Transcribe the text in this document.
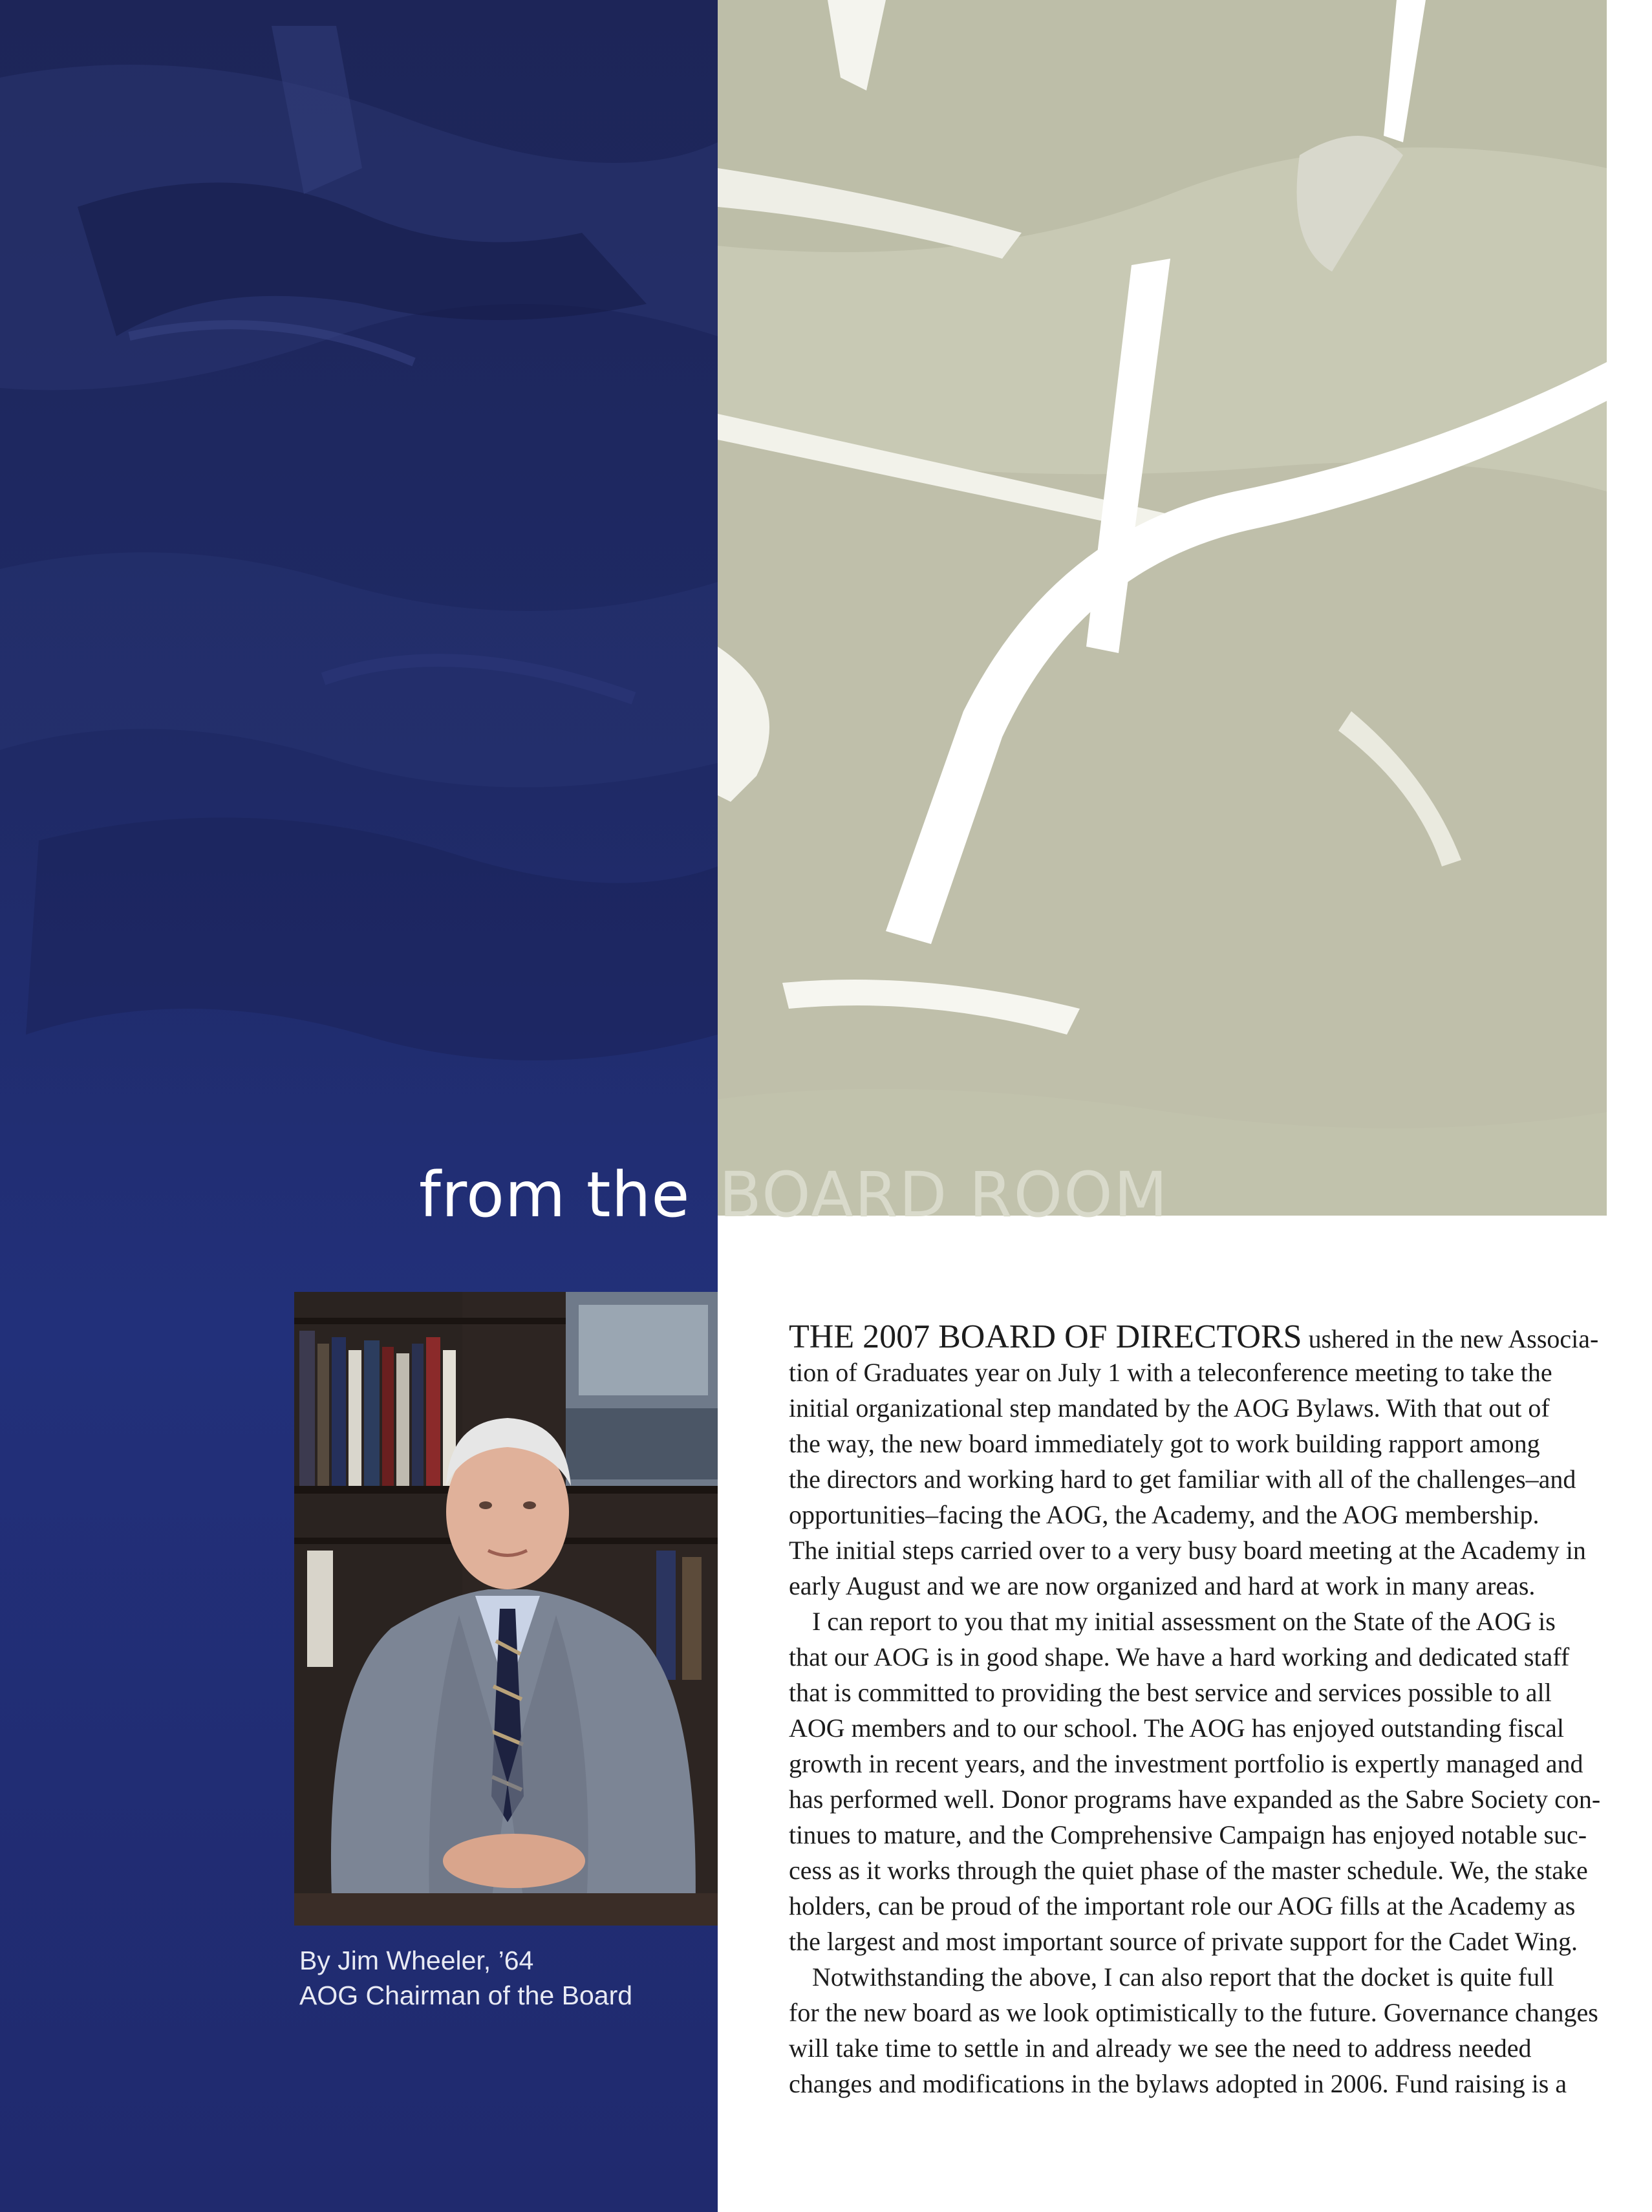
from the BOARD ROOM
By Jim Wheeler, ’64
AOG Chairman of the Board
THE 2007 BOARD OF DIRECTORS ushered in the new Associa-
tion of Graduates year on July 1 with a teleconference meeting to take the
initial organizational step mandated by the AOG Bylaws. With that out of
the way, the new board immediately got to work building rapport among
the directors and working hard to get familiar with all of the challenges–and
opportunities–facing the AOG, the Academy, and the AOG membership.
The initial steps carried over to a very busy board meeting at the Academy in
early August and we are now organized and hard at work in many areas.
I can report to you that my initial assessment on the State of the AOG is
that our AOG is in good shape. We have a hard working and dedicated staff
that is committed to providing the best service and services possible to all
AOG members and to our school. The AOG has enjoyed outstanding fiscal
growth in recent years, and the investment portfolio is expertly managed and
has performed well. Donor programs have expanded as the Sabre Society con-
tinues to mature, and the Comprehensive Campaign has enjoyed notable suc-
cess as it works through the quiet phase of the master schedule. We, the stake
holders, can be proud of the important role our AOG fills at the Academy as
the largest and most important source of private support for the Cadet Wing.
Notwithstanding the above, I can also report that the docket is quite full
for the new board as we look optimistically to the future. Governance changes
will take time to settle in and already we see the need to address needed
changes and modifications in the bylaws adopted in 2006. Fund raising is a
